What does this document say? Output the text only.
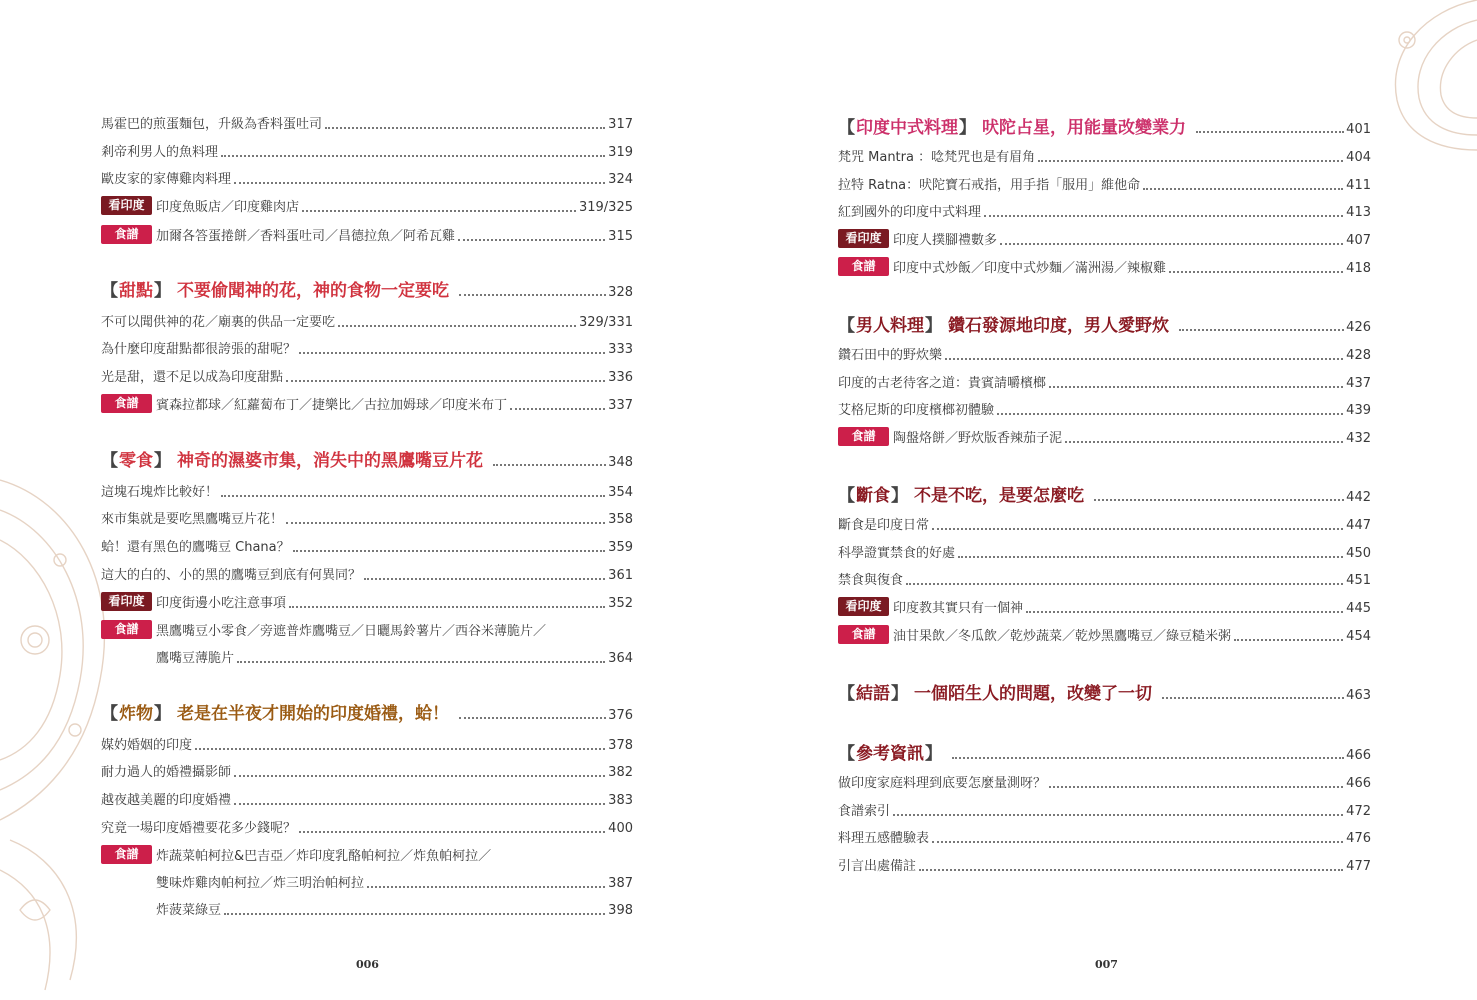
馬霍巴的煎蛋麵包，升級為香料蛋吐司	317
剎帝利男人的魚料理	319
歐皮家的家傳雞肉料理	324
看印度 印度魚販店／印度雞肉店	319/325
食譜	加爾各答蛋捲餅／香料蛋吐司／昌德拉魚／阿希瓦雞	315
【 甜點 】 不要偷聞神的花，神的食物一定要吃	328
不可以聞供神的花／廟裏的供品一定要吃	329/331
為什麼印度甜點都很誇張的甜呢？	333
光是甜，還不足以成為印度甜點	336
食譜	賓森拉都球／紅蘿蔔布丁／捷樂比／古拉加姆球／印度米布丁	337
【 零食 】 神奇的濕婆市集，消失中的黑鷹嘴豆片花	348
這塊石塊炸比較好！	354
來市集就是要吃黑鷹嘴豆片花！	358
蛤！還有黑色的鷹嘴豆 Chana？	359
這大的白的、小的黑的鷹嘴豆到底有何異同？	361
看印度 印度街邊小吃注意事項	352
食譜	黑鷹嘴豆小零食／旁遮普炸鷹嘴豆／日曬馬鈴薯片／西谷米薄脆片／
鷹嘴豆薄脆片	364
【 炸物 】 老是在半夜才開始的印度婚禮，蛤！	376
媒妁婚姻的印度	378
耐力過人的婚禮攝影師	382
越夜越美麗的印度婚禮	383
究竟一場印度婚禮要花多少錢呢？	400
食譜	炸蔬菜帕柯拉&巴吉亞／炸印度乳酪帕柯拉／炸魚帕柯拉／
雙味炸雞肉帕柯拉／炸三明治帕柯拉	387
炸菠菜綠豆	398
【 印度中式料理 】 吠陀占星，用能量改變業力	401
梵咒 Mantra ：唸梵咒也是有眉角	404
拉特 Ratna：吠陀寶石戒指，用手指「服用」維他命	411
紅到國外的印度中式料理	413
看印度 印度人撲腳禮數多	407
食譜	印度中式炒飯／印度中式炒麵／滿洲湯／辣椒雞	418
【 男人料理 】 鑽石發源地印度，男人愛野炊	426
鑽石田中的野炊樂	428
印度的古老待客之道：貴賓請嚼檳榔	437
艾格尼斯的印度檳榔初體驗	439
食譜	陶盤烙餅／野炊版香辣茄子泥	432
【 斷食 】 不是不吃，是要怎麼吃	442
斷食是印度日常	447
科學證實禁食的好處	450
禁食與復食	451
看印度 印度教其實只有一個神	445
食譜	油甘果飲／冬瓜飲／乾炒蔬菜／乾炒黑鷹嘴豆／綠豆糙米粥	454
【 結語 】 一個陌生人的問題，改變了一切	463
【 參考資訊 】	466
做印度家庭料理到底要怎麼量測呀？	466
食譜索引	472
料理五感體驗表	476
引言出處備註	477
006	007
